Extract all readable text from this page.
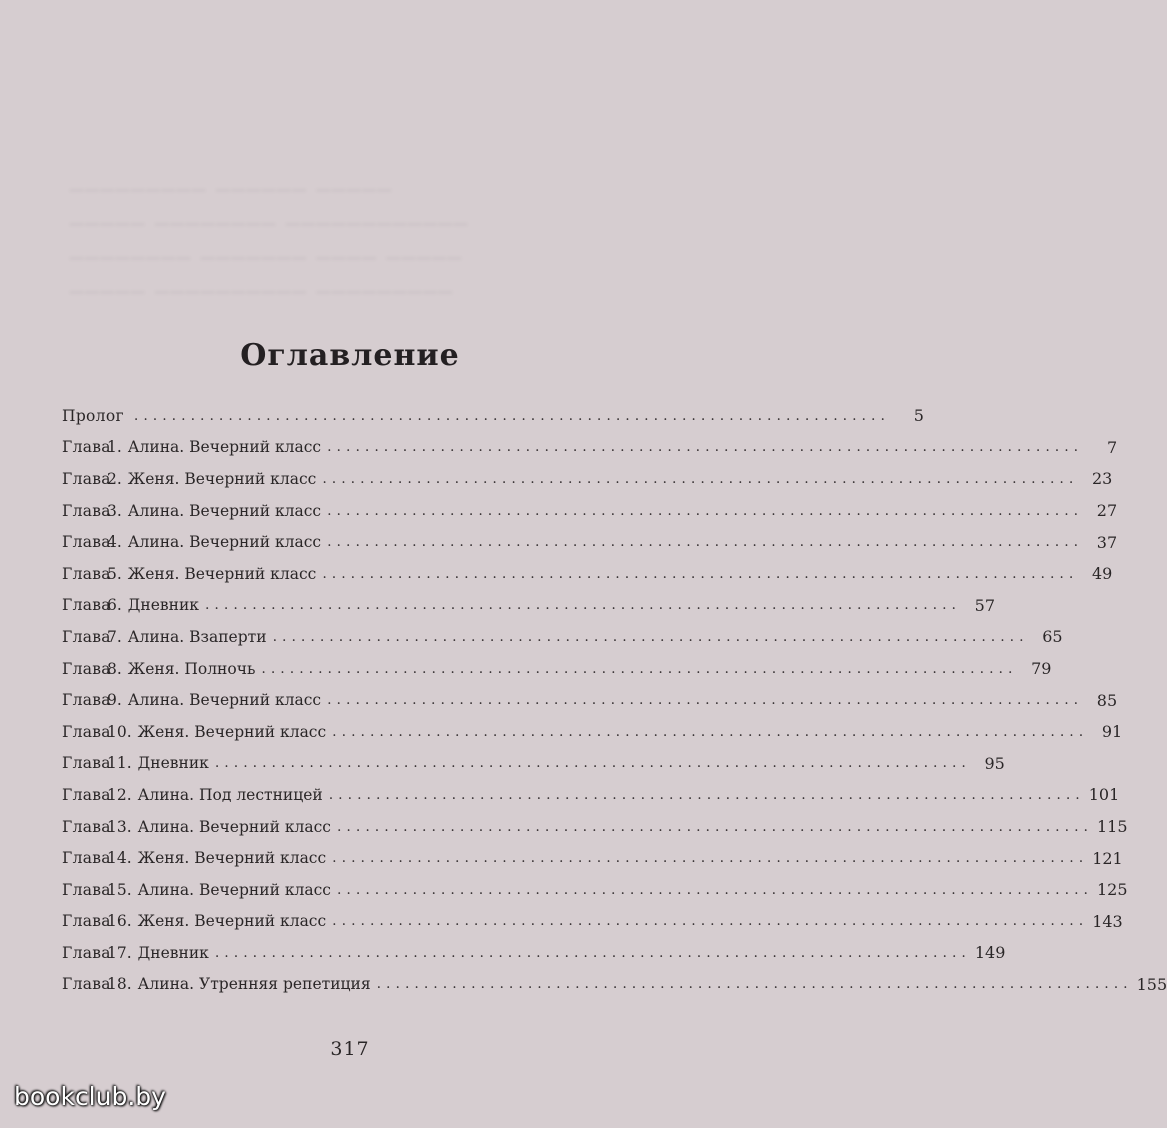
───────── ────── ─────
───── ──────── ────────────
──────── ─────── ──── ─────
───── ────────── ─────────
Оглавление
Пролог ................................................................................	5
Глава
1. Алина. Вечерний класс ................................................................................	7
Глава
2. Женя. Вечерний класс ................................................................................ 23
Глава
3. Алина. Вечерний класс ................................................................................ 27
Глава
4. Алина. Вечерний класс ................................................................................ 37
Глава
5. Женя. Вечерний класс ................................................................................ 49
Глава
6. Дневник ................................................................................ 57
Глава
7. Алина. Взаперти ................................................................................ 65
Глава
8. Женя. Полночь ................................................................................ 79
Глава
9. Алина. Вечерний класс ................................................................................ 85
Глава
10. Женя. Вечерний класс ................................................................................ 91
Глава
11. Дневник ................................................................................ 95
Глава
12. Алина. Под лестницей ................................................................................ 101
Глава
13. Алина. Вечерний класс ................................................................................ 115
Глава
14. Женя. Вечерний класс ................................................................................ 121
Глава
15. Алина. Вечерний класс ................................................................................ 125
Глава
16. Женя. Вечерний класс ................................................................................ 143
Глава
17. Дневник ................................................................................ 149
Глава
18. Алина. Утренняя репетиция ................................................................................ 155
317
bookclub.by
